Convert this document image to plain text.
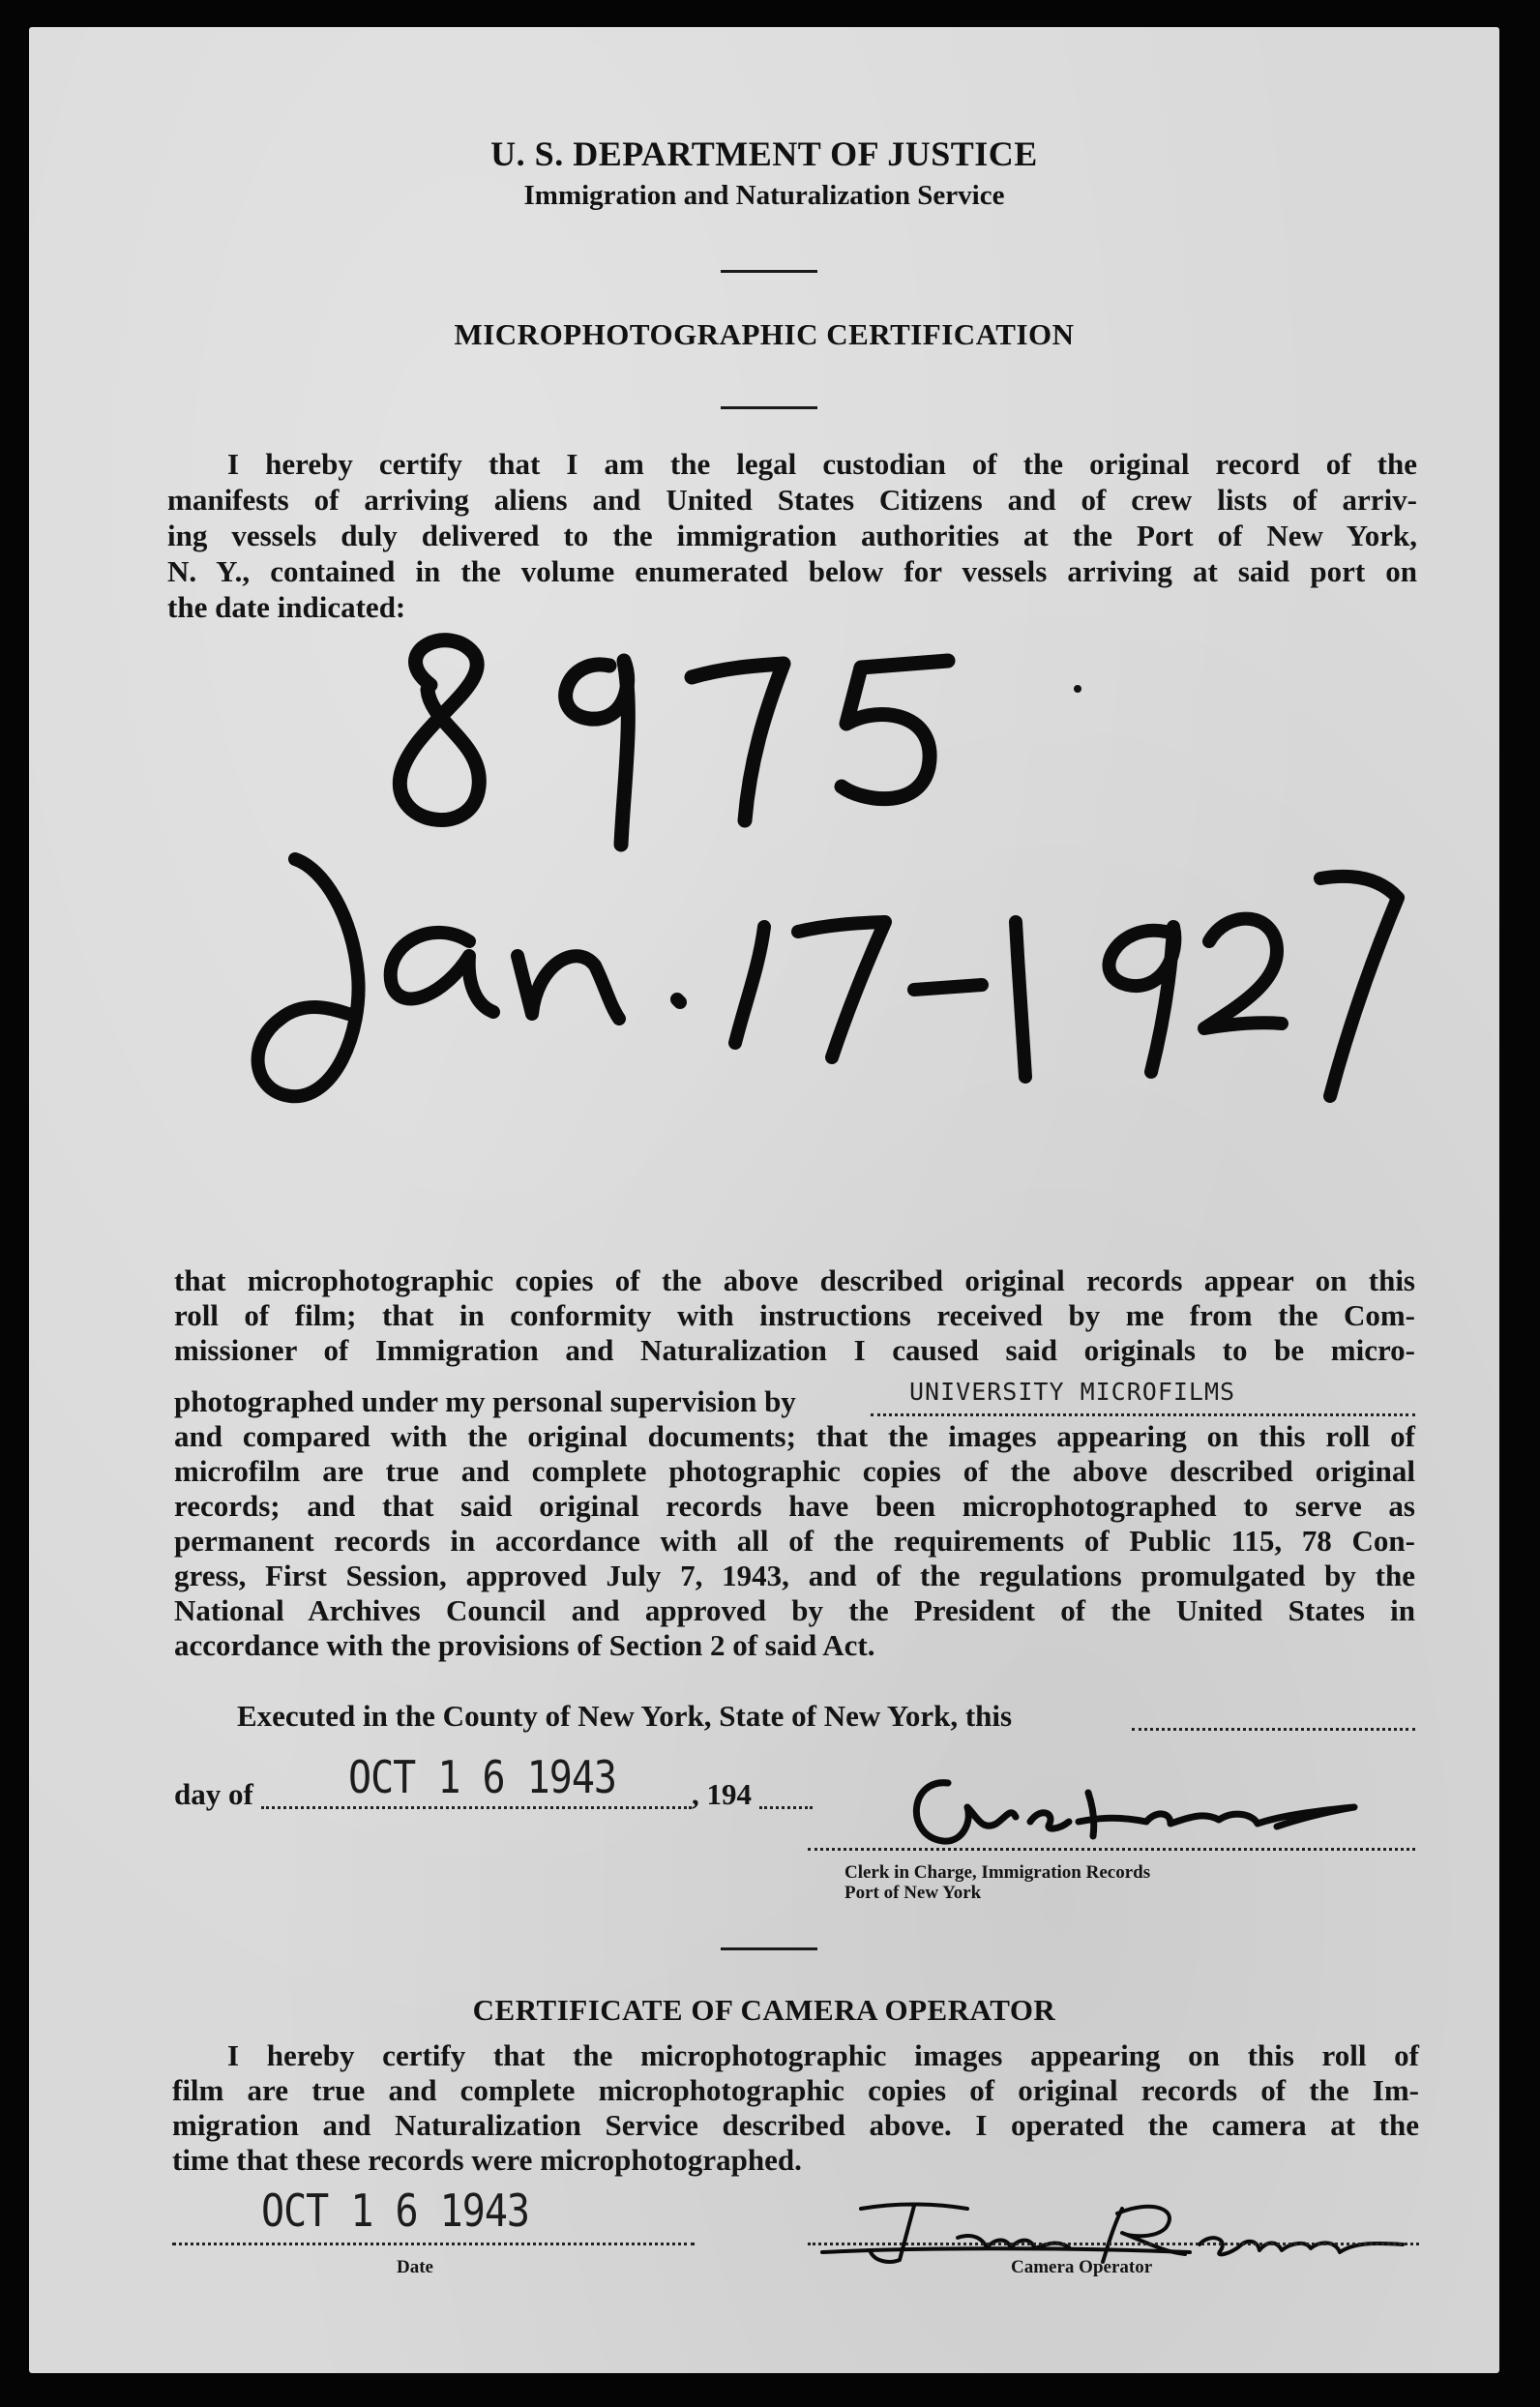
U. S. DEPARTMENT OF JUSTICE
Immigration and Naturalization Service
MICROPHOTOGRAPHIC CERTIFICATION
I hereby certify that I am the legal custodian of the original record of the
manifests of arriving aliens and United States Citizens and of crew lists of arriv-
ing vessels duly delivered to the immigration authorities at the Port of New York,
N. Y., contained in the volume enumerated below for vessels arriving at said port on
the date indicated:
that microphotographic copies of the above described original records appear on this
roll of film; that in conformity with instructions received by me from the Com-
missioner of Immigration and Naturalization I caused said originals to be micro-
photographed under my personal supervision by	UNIVERSITY MICROFILMS
and compared with the original documents; that the images appearing on this roll of
microfilm are true and complete photographic copies of the above described original
records; and that said original records have been microphotographed to serve as
permanent records in accordance with all of the requirements of Public 115, 78 Con-
gress, First Session, approved July 7, 1943, and of the regulations promulgated by the
National Archives Council and approved by the President of the United States in
accordance with the provisions of Section 2 of said Act.
Executed in the County of New York, State of New York, this
day of OCT 1 6 1943	, 194
Clerk in Charge, Immigration Records
Port of New York
CERTIFICATE OF CAMERA OPERATOR
I hereby certify that the microphotographic images appearing on this roll of
film are true and complete microphotographic copies of original records of the Im-
migration and Naturalization Service described above. I operated the camera at the
time that these records were microphotographed.
OCT 1 6 1943
Date	Camera Operator
